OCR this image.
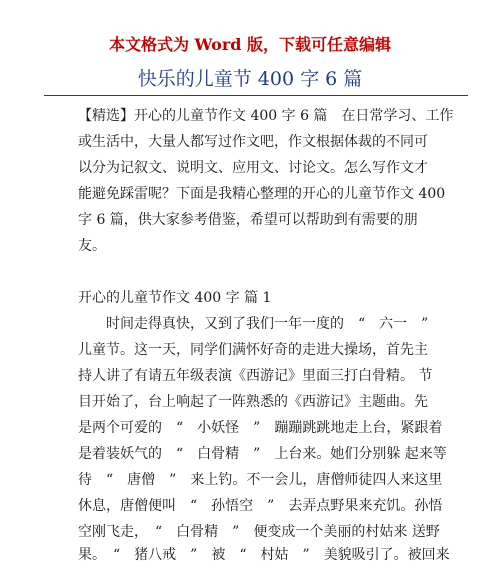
本文格式为 Word 版，下载可任意编辑
快乐的儿童节 400 字 6 篇
【精选】开心的儿童节作文 400 字 6 篇　在日常学习、工作
或生活中，大量人都写过作文吧，作文根据体裁的不同可
以分为记叙文、说明文、应用文、讨论文。怎么写作文才
能避免踩雷呢？下面是我精心整理的开心的儿童节作文 400
字 6 篇，供大家参考借鉴，希望可以帮助到有需要的朋
友。
开心的儿童节作文 400 字 篇 1
时间走得真快，又到了我们一年一度的　“　六一　”
儿童节。这一天，同学们满怀好奇的走进大操场，首先主
持人讲了有请五年级表演《西游记》里面三打白骨精。 节
目开始了，台上响起了一阵熟悉的《西游记》主题曲。先
是两个可爱的　“　小妖怪　”　蹦蹦跳跳地走上台，紧跟着
是着装妖气的　“　白骨精　”　上台来。她们分别躲 起来等
待　“　唐僧　”　来上钓。不一会儿，唐僧师徒四人来这里
休息，唐僧便叫　“　孙悟空　”　去弄点野果来充饥。孙悟
空刚飞走，　“　白骨精　”　便变成一个美丽的村姑来 送野
果。　“　猪八戒　”　被　“　村姑　”　美貌吸引了。被回来
